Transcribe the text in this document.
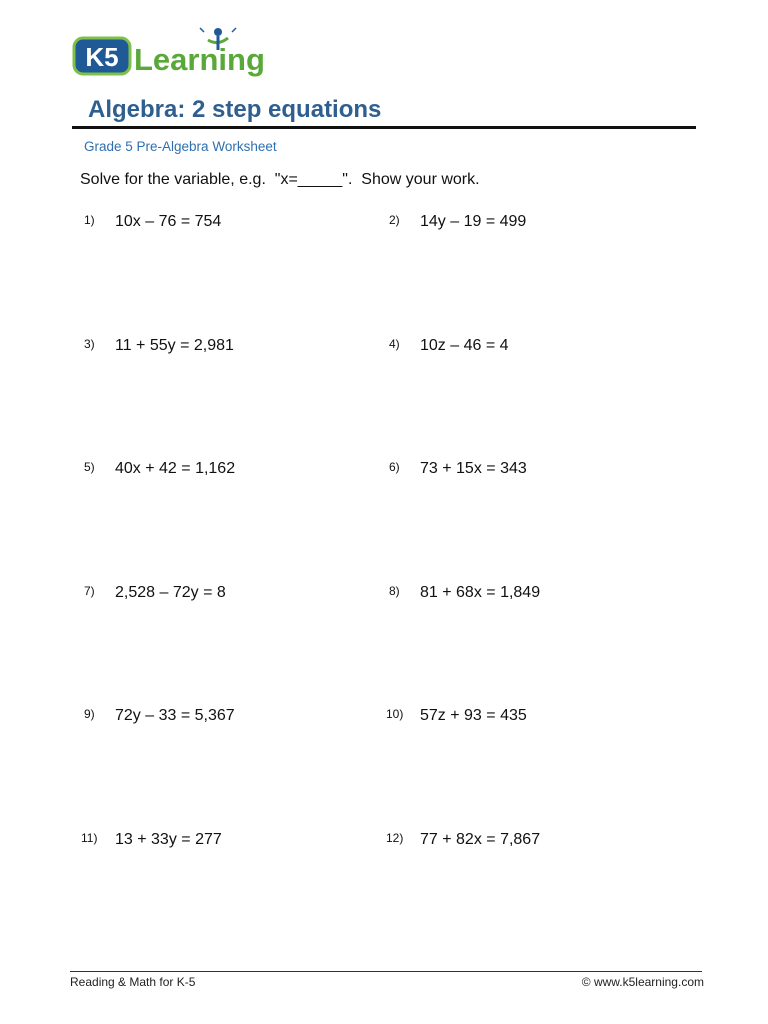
K5 Learning
Algebra: 2 step equations
Grade 5 Pre-Algebra Worksheet
Solve for the variable, e.g.  "x=_____".  Show your work.
1) 10x – 76 = 754	2) 14y – 19 = 499
3) 11 + 55y = 2,981	4) 10z – 46 = 4
5) 40x + 42 = 1,162	6) 73 + 15x = 343
7) 2,528 – 72y = 8	8) 81 + 68x = 1,849
9) 72y – 33 = 5,367	10) 57z + 93 = 435
11) 13 + 33y = 277	12) 77 + 82x = 7,867
Reading & Math for K-5	© www.k5learning.com
